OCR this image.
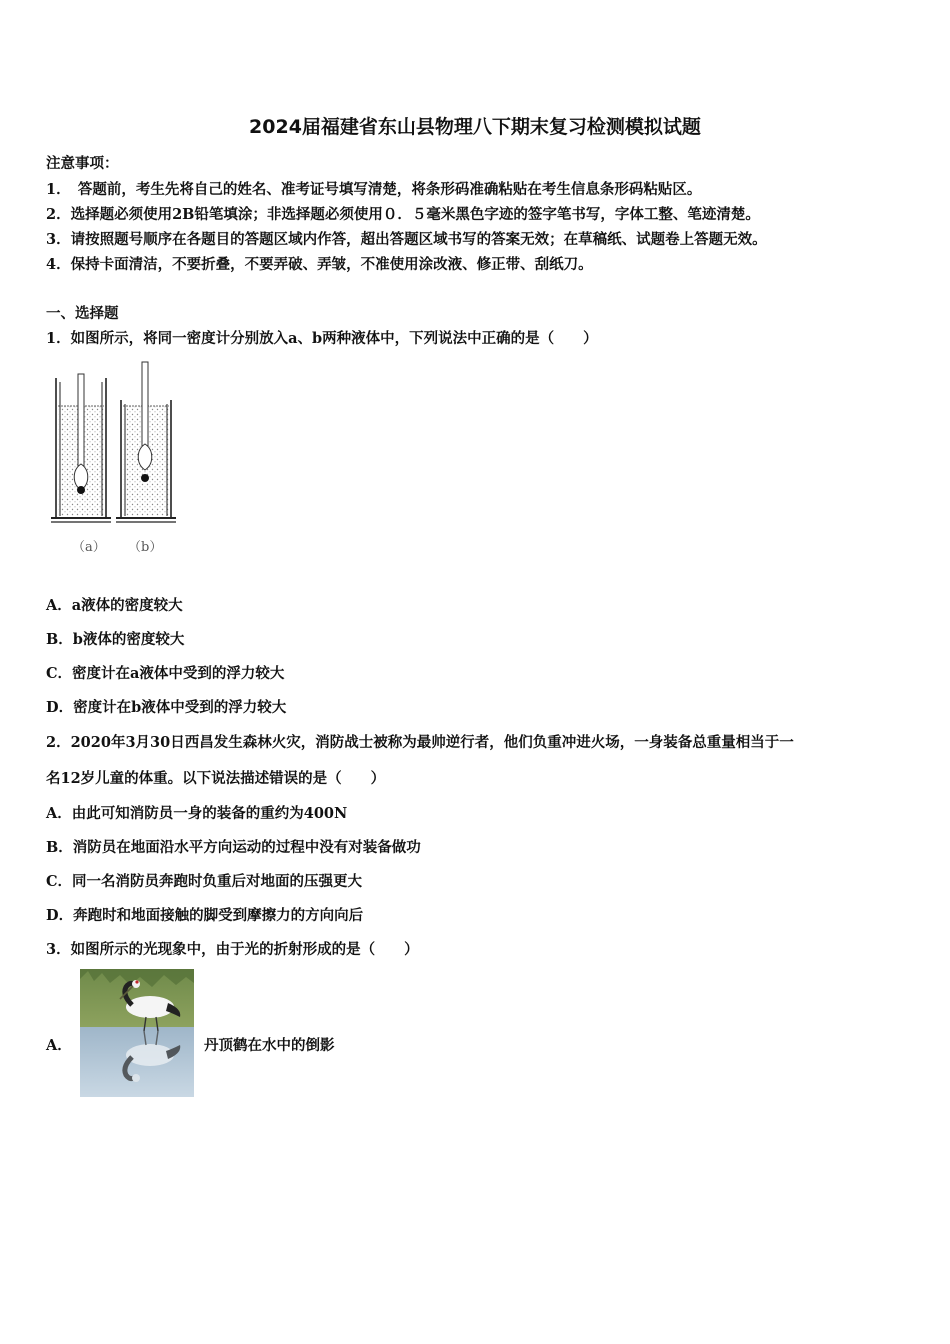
2024届福建省东山县物理八下期末复习检测模拟试题
注意事项：
1．　答题前，考生先将自己的姓名、准考证号填写清楚，将条形码准确粘贴在考生信息条形码粘贴区。
2．选择题必须使用2B铅笔填涂；非选择题必须使用０．５毫米黑色字迹的签字笔书写，字体工整、笔迹清楚。
3．请按照题号顺序在各题目的答题区域内作答，超出答题区域书写的答案无效；在草稿纸、试题卷上答题无效。
4．保持卡面清洁，不要折叠，不要弄破、弄皱，不准使用涂改液、修正带、刮纸刀。
一、选择题
1．如图所示，将同一密度计分别放入a、b两种液体中，下列说法中正确的是（　　）
（a） （b）
A．a液体的密度较大
B．b液体的密度较大
C．密度计在a液体中受到的浮力较大
D．密度计在b液体中受到的浮力较大
2．2020年3月30日西昌发生森林火灾，消防战士被称为最帅逆行者，他们负重冲进火场，一身装备总重量相当于一
名12岁儿童的体重。以下说法描述错误的是（　　）
A．由此可知消防员一身的装备的重约为400N
B．消防员在地面沿水平方向运动的过程中没有对装备做功
C．同一名消防员奔跑时负重后对地面的压强更大
D．奔跑时和地面接触的脚受到摩擦力的方向向后
3．如图所示的光现象中，由于光的折射形成的是（　　）
A．	丹顶鹤在水中的倒影
